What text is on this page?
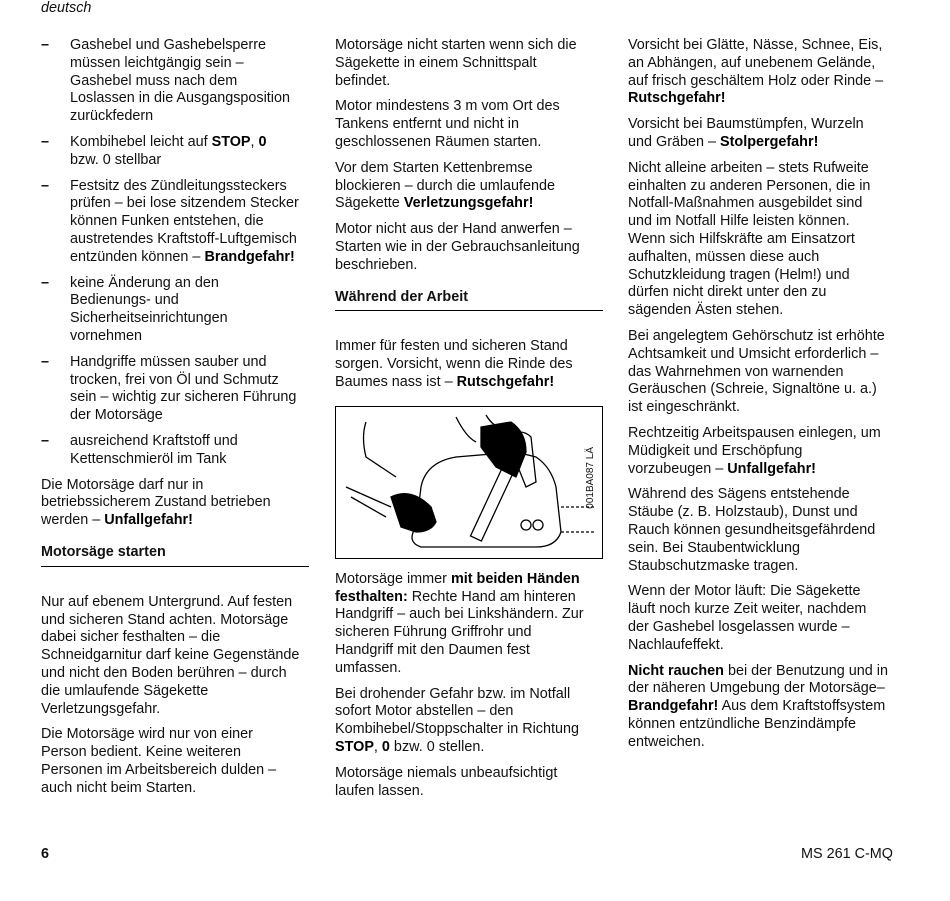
deutsch
–	Gashebel und Gashebelsperre
müssen leichtgängig sein –
Gashebel muss nach dem
Loslassen in die Ausgangsposition
zurückfedern

–	Kombihebel leicht auf STOP, 0
bzw. 0 stellbar

–	Festsitz des Zündleitungssteckers
prüfen – bei lose sitzendem Stecker
können Funken entstehen, die
austretendes Kraftstoff-Luftgemisch
entzünden können – Brandgefahr!

–	keine Änderung an den
Bedienungs- und
Sicherheitseinrichtungen
vornehmen

–	Handgriffe müssen sauber und
trocken, frei von Öl und Schmutz
sein – wichtig zur sicheren Führung
der Motorsäge

–	ausreichend Kraftstoff und
Kettenschmieröl im Tank

Die Motorsäge darf nur in
betriebssicherem Zustand betrieben
werden – Unfallgefahr!

Motorsäge starten

Nur auf ebenem Untergrund. Auf festen
und sicheren Stand achten. Motorsäge
dabei sicher festhalten – die
Schneidgarnitur darf keine Gegenstände
und nicht den Boden berühren – durch
die umlaufende Sägekette
Verletzungsgefahr.

Die Motorsäge wird nur von einer
Person bedient. Keine weiteren
Personen im Arbeitsbereich dulden –
auch nicht beim Starten.

Motorsäge nicht starten wenn sich die
Sägekette in einem Schnittspalt
befindet.

Motor mindestens 3 m vom Ort des
Tankens entfernt und nicht in
geschlossenen Räumen starten.

Vor dem Starten Kettenbremse
blockieren – durch die umlaufende
Sägekette Verletzungsgefahr!

Motor nicht aus der Hand anwerfen –
Starten wie in der Gebrauchsanleitung
beschrieben.

Während der Arbeit

Immer für festen und sicheren Stand
sorgen. Vorsicht, wenn die Rinde des
Baumes nass ist – Rutschgefahr!

001BA087 LÄ

Motorsäge immer mit beiden Händen
festhalten: Rechte Hand am hinteren
Handgriff – auch bei Linkshändern. Zur
sicheren Führung Griffrohr und
Handgriff mit den Daumen fest
umfassen.

Bei drohender Gefahr bzw. im Notfall
sofort Motor abstellen – den
Kombihebel/Stoppschalter in Richtung
STOP, 0 bzw. 0 stellen.

Motorsäge niemals unbeaufsichtigt
laufen lassen.

Vorsicht bei Glätte, Nässe, Schnee, Eis,
an Abhängen, auf unebenem Gelände,
auf frisch geschältem Holz oder Rinde –
Rutschgefahr!

Vorsicht bei Baumstümpfen, Wurzeln
und Gräben – Stolpergefahr!

Nicht alleine arbeiten – stets Rufweite
einhalten zu anderen Personen, die in
Notfall-Maßnahmen ausgebildet sind
und im Notfall Hilfe leisten können.
Wenn sich Hilfskräfte am Einsatzort
aufhalten, müssen diese auch
Schutzkleidung tragen (Helm!) und
dürfen nicht direkt unter den zu
sägenden Ästen stehen.

Bei angelegtem Gehörschutz ist erhöhte
Achtsamkeit und Umsicht erforderlich –
das Wahrnehmen von warnenden
Geräuschen (Schreie, Signaltöne u. a.)
ist eingeschränkt.

Rechtzeitig Arbeitspausen einlegen, um
Müdigkeit und Erschöpfung
vorzubeugen – Unfallgefahr!

Während des Sägens entstehende
Stäube (z. B. Holzstaub), Dunst und
Rauch können gesundheitsgefährdend
sein. Bei Staubentwicklung
Staubschutzmaske tragen.

Wenn der Motor läuft: Die Sägekette
läuft noch kurze Zeit weiter, nachdem
der Gashebel losgelassen wurde –
Nachlaufeffekt.

Nicht rauchen bei der Benutzung und in
der näheren Umgebung der Motorsäge–
Brandgefahr! Aus dem Kraftstoffsystem
können entzündliche Benzindämpfe
entweichen.

6	MS 261 C-MQ
